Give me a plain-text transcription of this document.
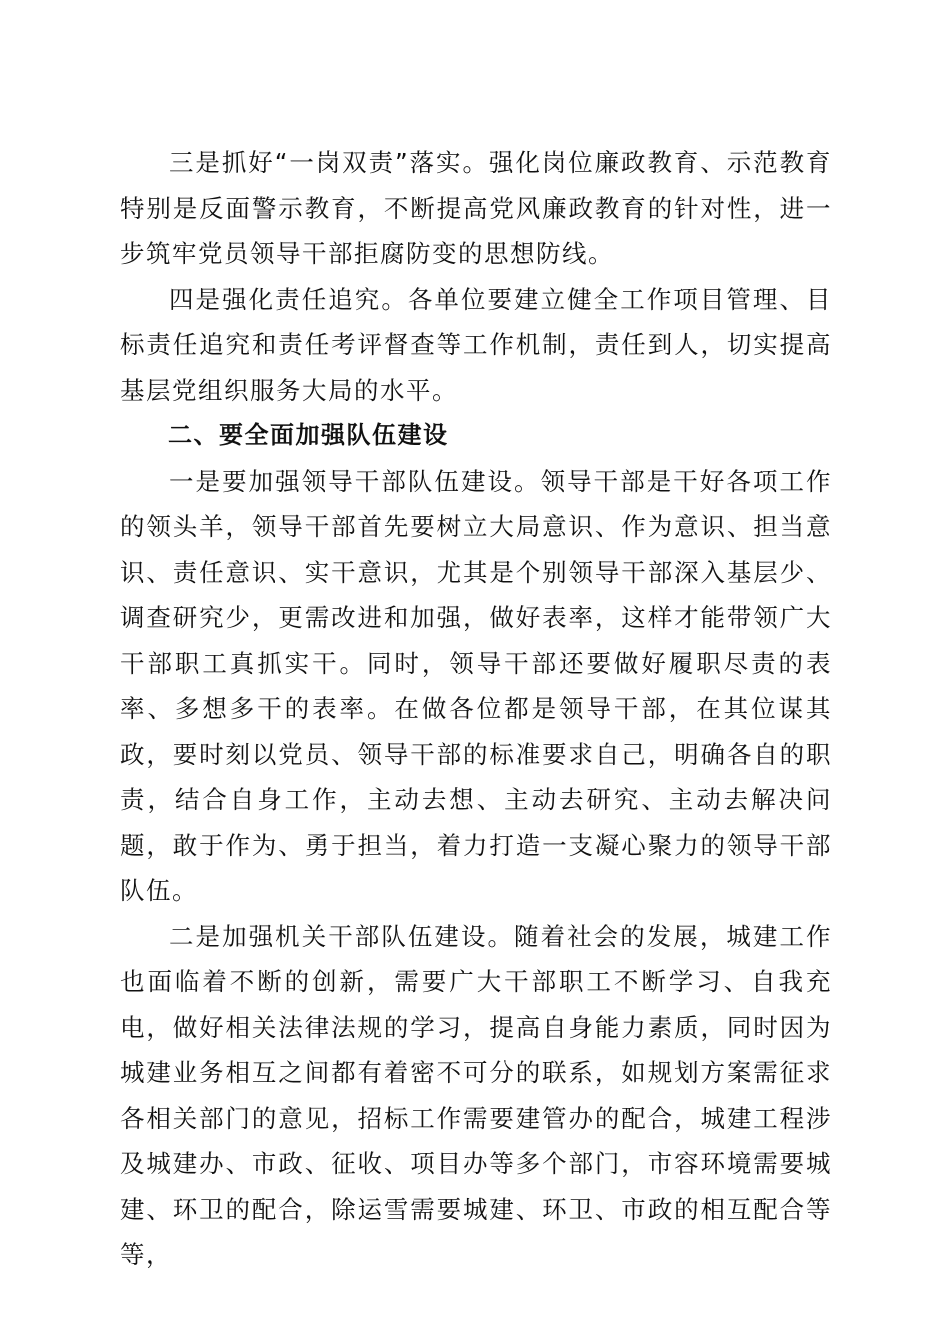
三是抓好“一岗双责”落实。强化岗位廉政教育、示范教育特别是反面警示教育，不断提高党风廉政教育的针对性，进一步筑牢党员领导干部拒腐防变的思想防线。

四是强化责任追究。各单位要建立健全工作项目管理、目标责任追究和责任考评督查等工作机制，责任到人，切实提高基层党组织服务大局的水平。

二、要全面加强队伍建设

一是要加强领导干部队伍建设。领导干部是干好各项工作的领头羊，领导干部首先要树立大局意识、作为意识、担当意识、责任意识、实干意识，尤其是个别领导干部深入基层少、调查研究少，更需改进和加强，做好表率，这样才能带领广大干部职工真抓实干。同时，领导干部还要做好履职尽责的表率、多想多干的表率。在做各位都是领导干部，在其位谋其政，要时刻以党员、领导干部的标准要求自己，明确各自的职责，结合自身工作，主动去想、主动去研究、主动去解决问题，敢于作为、勇于担当，着力打造一支凝心聚力的领导干部队伍。

二是加强机关干部队伍建设。随着社会的发展，城建工作也面临着不断的创新，需要广大干部职工不断学习、自我充电，做好相关法律法规的学习，提高自身能力素质，同时因为城建业务相互之间都有着密不可分的联系，如规划方案需征求各相关部门的意见，招标工作需要建管办的配合，城建工程涉及城建办、市政、征收、项目办等多个部门，市容环境需要城建、环卫的配合，除运雪需要城建、环卫、市政的相互配合等等，
